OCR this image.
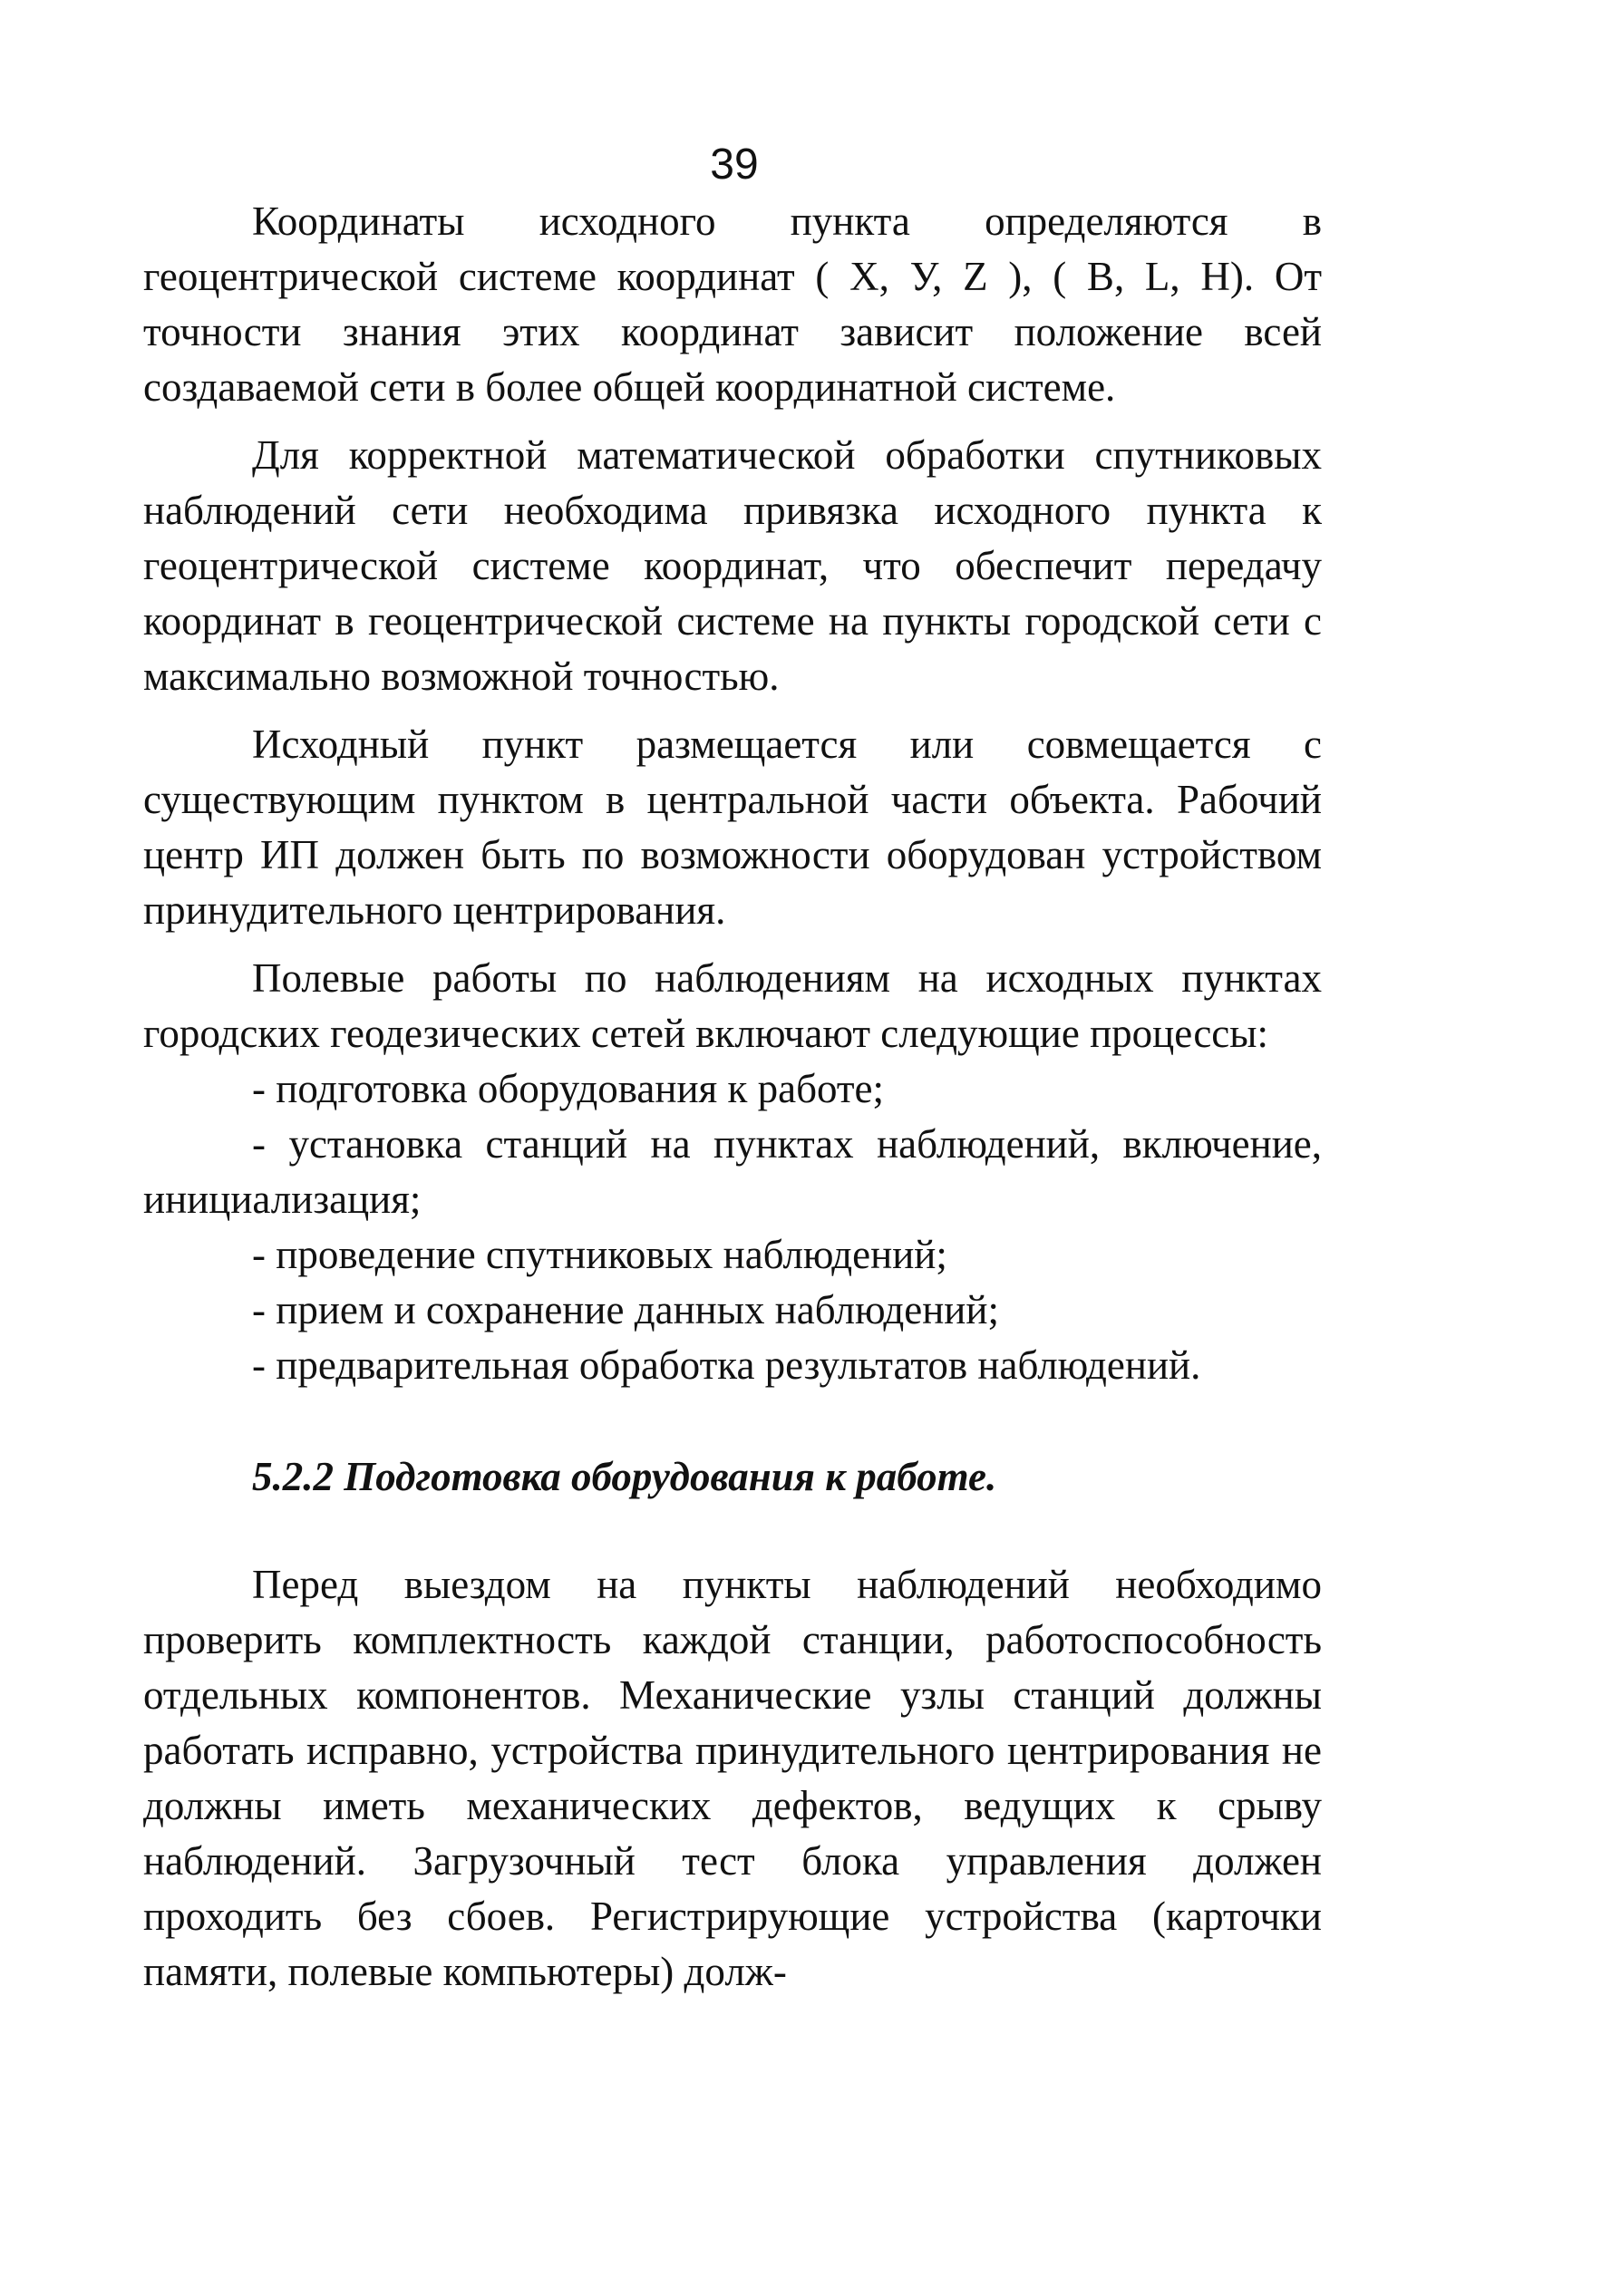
39

Координаты исходного пункта определяются в геоцентрической системе координат ( Х, У, Z ), ( В, L, Н). От точности знания этих координат зависит положение всей создаваемой сети в более общей координатной системе.

Для корректной математической обработки спутниковых наблюдений сети необходима привязка исходного пункта к геоцентрической системе координат, что обеспечит передачу координат в геоцентрической системе на пункты городской сети с максимально возможной точностью.

Исходный пункт размещается или совмещается с существующим пунктом в центральной части объекта. Рабочий центр ИП должен быть по возможности оборудован устройством принудительного центрирования.

Полевые работы по наблюдениям на исходных пунктах городских геодезических сетей включают следующие процессы:

- подготовка оборудования к работе;
- установка станций на пунктах наблюдений, включение, инициализация;
- проведение спутниковых наблюдений;
- прием и сохранение данных наблюдений;
- предварительная обработка результатов наблюдений.
5.2.2 Подготовка оборудования к работе.

Перед выездом на пункты наблюдений необходимо проверить комплектность каждой станции, работоспособность отдельных компонентов. Механические узлы станций должны работать исправно, устройства принудительного центрирования не должны иметь механических дефектов, ведущих к срыву наблюдений. Загрузочный тест блока управления должен проходить без сбоев. Регистрирующие устройства (карточки памяти, полевые компьютеры) долж-
